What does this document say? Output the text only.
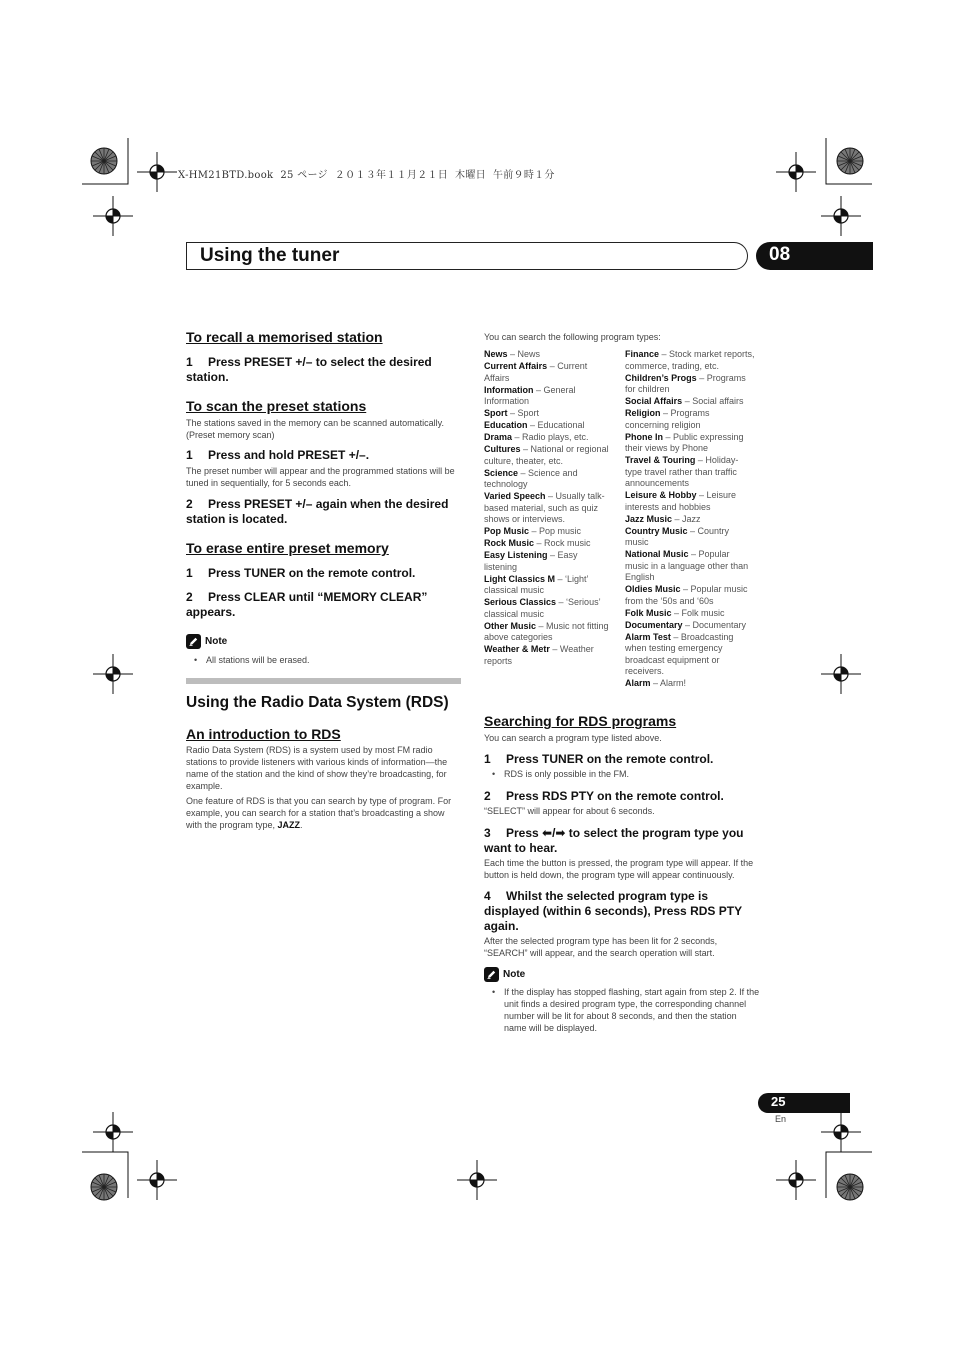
X-HM21BTD.book  25 ページ  ２０１３年１１月２１日  木曜日  午前９時１分
Using the tuner	08
To recall a memorised station
1 Press PRESET +/– to select the desired station.
To scan the preset stations
The stations saved in the memory can be scanned automatically. (Preset memory scan)
1 Press and hold PRESET +/–.
The preset number will appear and the programmed stations will be tuned in sequentially, for 5 seconds each.
2 Press PRESET +/– again when the desired station is located.
To erase entire preset memory
1 Press TUNER on the remote control.
2 Press CLEAR until “MEMORY CLEAR” appears.
Note
• All stations will be erased.
Using the Radio Data System (RDS)
An introduction to RDS
Radio Data System (RDS) is a system used by most FM radio stations to provide listeners with various kinds of information—the name of the station and the kind of show they’re broadcasting, for example.
One feature of RDS is that you can search by type of program. For example, you can search for a station that’s broadcasting a show with the program type, JAZZ.
You can search the following program types:
News – News
Current Affairs – Current Affairs
Information – General Information
Sport – Sport
Education – Educational
Drama – Radio plays, etc.
Cultures – National or regional culture, theater, etc.
Science – Science and technology
Varied Speech – Usually talk-based material, such as quiz shows or interviews.
Pop Music – Pop music
Rock Music – Rock music
Easy Listening – Easy listening
Light Classics M – ‘Light’ classical music
Serious Classics – ‘Serious’ classical music
Other Music – Music not fitting above categories
Weather & Metr – Weather reports
Finance – Stock market reports, commerce, trading, etc.
Children’s Progs – Programs for children
Social Affairs – Social affairs
Religion – Programs concerning religion
Phone In – Public expressing their views by Phone
Travel & Touring – Holiday-type travel rather than traffic announcements
Leisure & Hobby – Leisure interests and hobbies
Jazz Music – Jazz
Country Music – Country music
National Music – Popular music in a language other than English
Oldies Music – Popular music from the ‘50s and ‘60s
Folk Music – Folk music
Documentary – Documentary
Alarm Test – Broadcasting when testing emergency broadcast equipment or receivers.
Alarm – Alarm!
Searching for RDS programs
You can search a program type listed above.
1 Press TUNER on the remote control.
• RDS is only possible in the FM.
2 Press RDS PTY on the remote control.
“SELECT” will appear for about 6 seconds.
3 Press ⬅/➡ to select the program type you want to hear.
Each time the button is pressed, the program type will appear. If the button is held down, the program type will appear continuously.
4 Whilst the selected program type is displayed (within 6 seconds), Press RDS PTY again.
After the selected program type has been lit for 2 seconds, “SEARCH” will appear, and the search operation will start.
Note
• If the display has stopped flashing, start again from step 2. If the unit finds a desired program type, the corresponding channel number will be lit for about 8 seconds, and then the station name will be displayed.
25
En
